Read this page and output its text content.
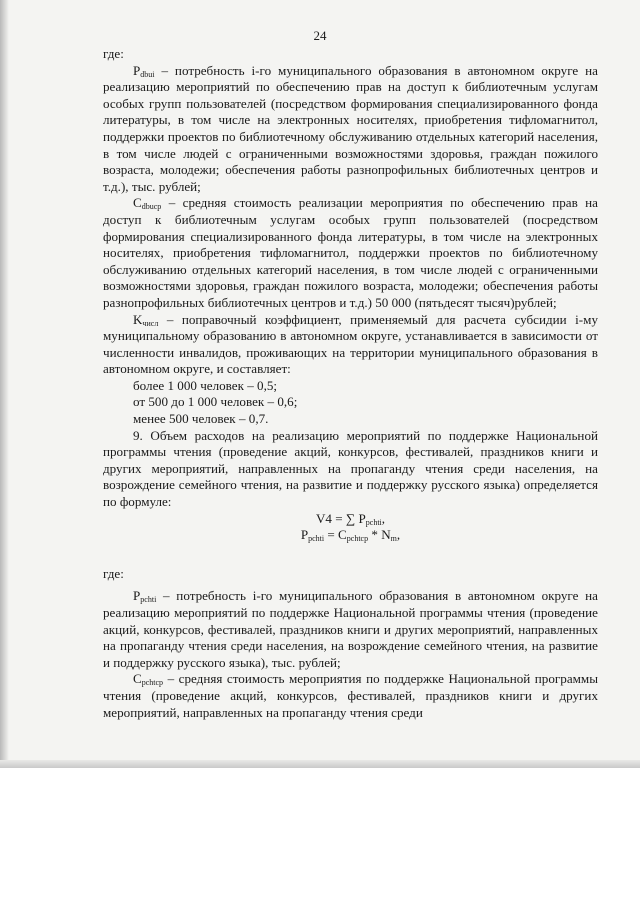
24

где:

$P_{dbui}$ – потребность i-го муниципального образования в автономном округе на реализацию мероприятий по обеспечению прав на доступ к библиотечным услугам особых групп пользователей (посредством формирования специализированного фонда литературы, в том числе на электронных носителях, приобретения тифломагнитол, поддержки проектов по библиотечному обслуживанию отдельных категорий населения, в том числе людей с ограниченными возможностями здоровья, граждан пожилого возраста, молодежи; обеспечения работы разнопрофильных библиотечных центров и т.д.), тыс. рублей;

$C_{dbucp}$ – средняя стоимость реализации мероприятия по обеспечению прав на доступ к библиотечным услугам особых групп пользователей (посредством формирования специализированного фонда литературы, в том числе на электронных носителях, приобретения тифломагнитол, поддержки проектов по библиотечному обслуживанию отдельных категорий населения, в том числе людей с ограниченными возможностями здоровья, граждан пожилого возраста, молодежи; обеспечения работы разнопрофильных библиотечных центров и т.д.) 50 000 (пятьдесят тысяч)рублей;

$K_{числ}$ – поправочный коэффициент, применяемый для расчета субсидии i-му муниципальному образованию в автономном округе, устанавливается в зависимости от численности инвалидов, проживающих на территории муниципального образования в автономном округе, и составляет:

более 1 000 человек – 0,5;

от 500 до 1 000 человек – 0,6;

менее 500 человек – 0,7.

9. Объем расходов на реализацию мероприятий по поддержке Национальной программы чтения (проведение акций, конкурсов, фестивалей, праздников книги и других мероприятий, направленных на пропаганду чтения среди населения, на возрождение семейного чтения, на развитие и поддержку русского языка) определяется по формуле:

V4 = ∑ $P_{pchti}$,

$P_{pchti} = C_{pchtcp} * N_m$,

где:

$P_{pchti}$ – потребность i-го муниципального образования в автономном округе на реализацию мероприятий по поддержке Национальной программы чтения (проведение акций, конкурсов, фестивалей, праздников книги и других мероприятий, направленных на пропаганду чтения среди населения, на возрождение семейного чтения, на развитие и поддержку русского языка), тыс. рублей;

$C_{pchtcp}$ – средняя стоимость мероприятия по поддержке Национальной программы чтения (проведение акций, конкурсов, фестивалей, праздников книги и других мероприятий, направленных на пропаганду чтения среди
